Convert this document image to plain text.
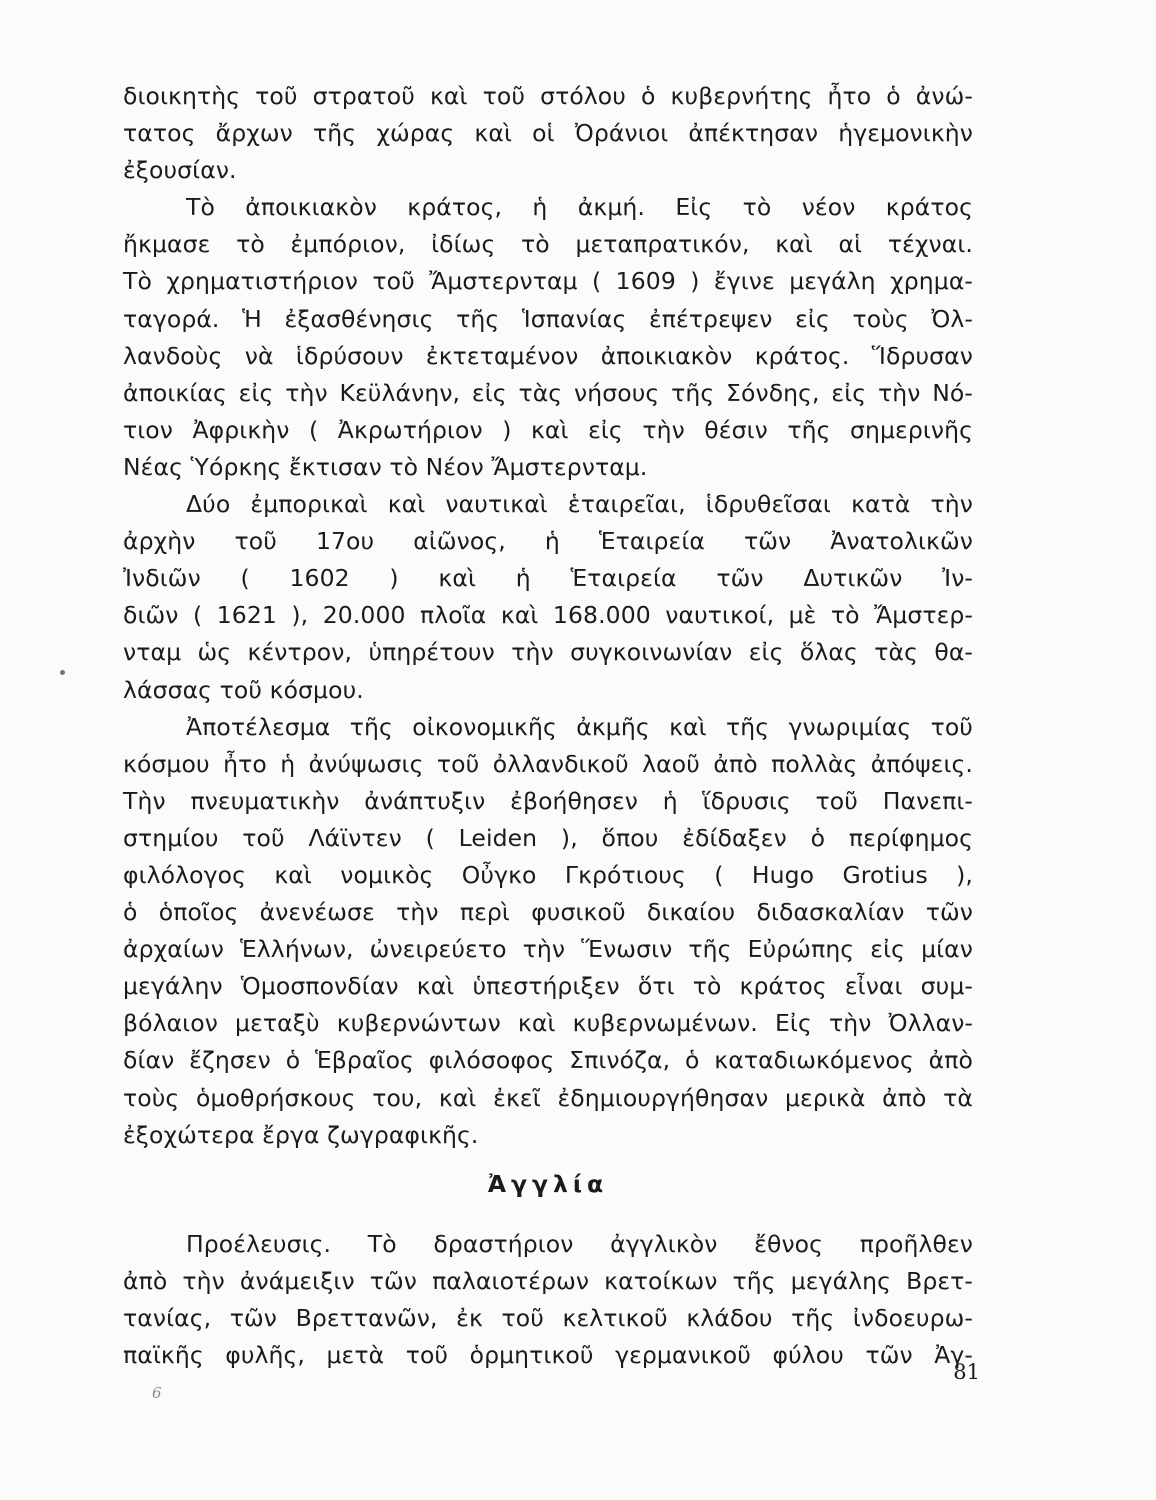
διοικητὴς τοῦ στρατοῦ καὶ τοῦ στόλου ὁ κυβερνήτης ἦτο ὁ ἀνώ-
τατος ἄρχων τῆς χώρας καὶ οἱ Ὀράνιοι ἀπέκτησαν ἡγεμονικὴν
ἐξουσίαν.
Τὸ ἀποικιακὸν κράτος, ἡ ἀκμή. Εἰς τὸ νέον κράτος
ἤκμασε τὸ ἐμπόριον, ἰδίως τὸ μεταπρατικόν, καὶ αἱ τέχναι.
Τὸ χρηματιστήριον τοῦ Ἄμστερνταμ ( 1609 ) ἔγινε μεγάλη χρημα-
ταγορά. Ἡ ἐξασθένησις τῆς Ἱσπανίας ἐπέτρεψεν εἰς τοὺς Ὀλ-
λανδοὺς νὰ ἱδρύσουν ἐκτεταμένον ἀποικιακὸν κράτος. Ἵδρυσαν
ἀποικίας εἰς τὴν Κεϋλάνην, εἰς τὰς νήσους τῆς Σόνδης, εἰς τὴν Νό-
τιον Ἀφρικὴν ( Ἀκρωτήριον ) καὶ εἰς τὴν θέσιν τῆς σημερινῆς
Νέας Ὑόρκης ἔκτισαν τὸ Νέον Ἄμστερνταμ.
Δύο ἐμπορικαὶ καὶ ναυτικαὶ ἑταιρεῖαι, ἱδρυθεῖσαι κατὰ τὴν
ἀρχὴν τοῦ 17ου αἰῶνος, ἡ Ἑταιρεία τῶν Ἀνατολικῶν
Ἰνδιῶν ( 1602 ) καὶ ἡ Ἑταιρεία τῶν Δυτικῶν Ἰν-
διῶν ( 1621 ), 20.000 πλοῖα καὶ 168.000 ναυτικοί, μὲ τὸ Ἄμστερ-
νταμ ὡς κέντρον, ὑπηρέτουν τὴν συγκοινωνίαν εἰς ὅλας τὰς θα-
λάσσας τοῦ κόσμου.
Ἀποτέλεσμα τῆς οἰκονομικῆς ἀκμῆς καὶ τῆς γνωριμίας τοῦ
κόσμου ἦτο ἡ ἀνύψωσις τοῦ ὀλλανδικοῦ λαοῦ ἀπὸ πολλὰς ἀπόψεις.
Τὴν πνευματικὴν ἀνάπτυξιν ἐβοήθησεν ἡ ἵδρυσις τοῦ Πανεπι-
στημίου τοῦ Λάϊντεν ( Leiden ), ὅπου ἐδίδαξεν ὁ περίφημος
φιλόλογος καὶ νομικὸς Οὖγκο Γκρότιους ( Hugo Grotius ),
ὁ ὁποῖος ἀνενέωσε τὴν περὶ φυσικοῦ δικαίου διδασκαλίαν τῶν
ἀρχαίων Ἑλλήνων, ὠνειρεύετο τὴν Ἕνωσιν τῆς Εὐρώπης εἰς μίαν
μεγάλην Ὁμοσπονδίαν καὶ ὑπεστήριξεν ὅτι τὸ κράτος εἶναι συμ-
βόλαιον μεταξὺ κυβερνώντων καὶ κυβερνωμένων. Εἰς τὴν Ὀλλαν-
δίαν ἔζησεν ὁ Ἑβραῖος φιλόσοφος Σπινόζα, ὁ καταδιωκόμενος ἀπὸ
τοὺς ὁμοθρήσκους του, καὶ ἐκεῖ ἐδημιουργήθησαν μερικὰ ἀπὸ τὰ
ἐξοχώτερα ἔργα ζωγραφικῆς.
Ἀγγλία
Προέλευσις. Τὸ δραστήριον ἀγγλικὸν ἔθνος προῆλθεν
ἀπὸ τὴν ἀνάμειξιν τῶν παλαιοτέρων κατοίκων τῆς μεγάλης Βρετ-
τανίας, τῶν Βρεττανῶν, ἐκ τοῦ κελτικοῦ κλάδου τῆς ἰνδοευρω-
παϊκῆς φυλῆς, μετὰ τοῦ ὁρμητικοῦ γερμανικοῦ φύλου τῶν Ἀγ-
81
6
